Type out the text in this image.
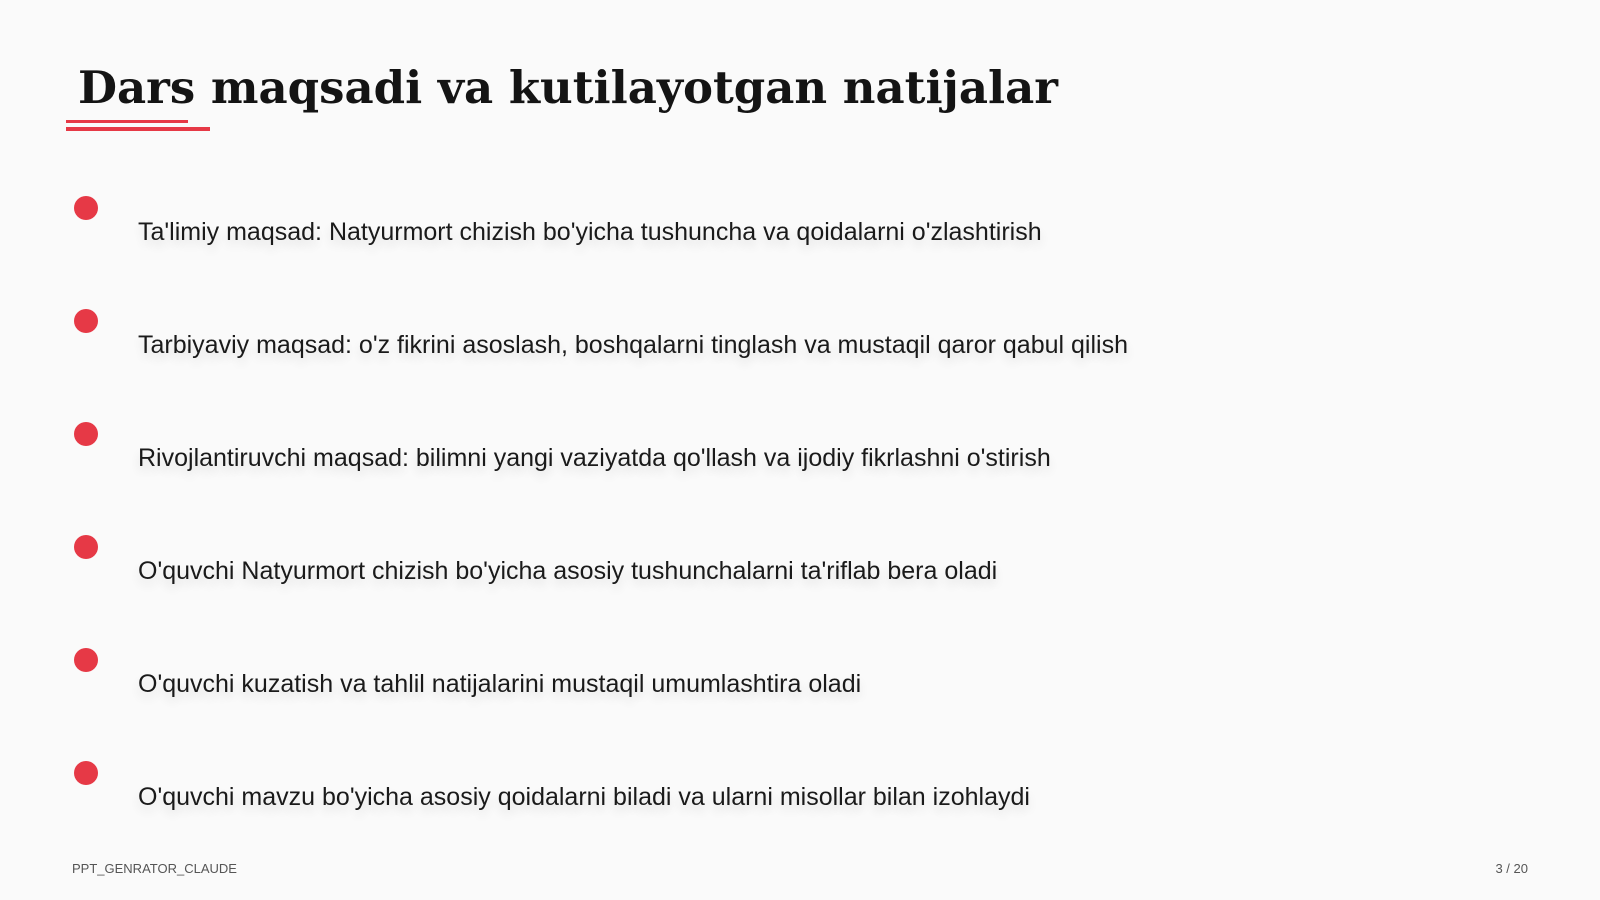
Dars maqsadi va kutilayotgan natijalar
Ta'limiy maqsad: Natyurmort chizish bo'yicha tushuncha va qoidalarni o'zlashtirish
Tarbiyaviy maqsad: o'z fikrini asoslash, boshqalarni tinglash va mustaqil qaror qabul qilish
Rivojlantiruvchi maqsad: bilimni yangi vaziyatda qo'llash va ijodiy fikrlashni o'stirish
O'quvchi Natyurmort chizish bo'yicha asosiy tushunchalarni ta'riflab bera oladi
O'quvchi kuzatish va tahlil natijalarini mustaqil umumlashtira oladi
O'quvchi mavzu bo'yicha asosiy qoidalarni biladi va ularni misollar bilan izohlaydi
PPT_GENRATOR_CLAUDE	3 / 20
